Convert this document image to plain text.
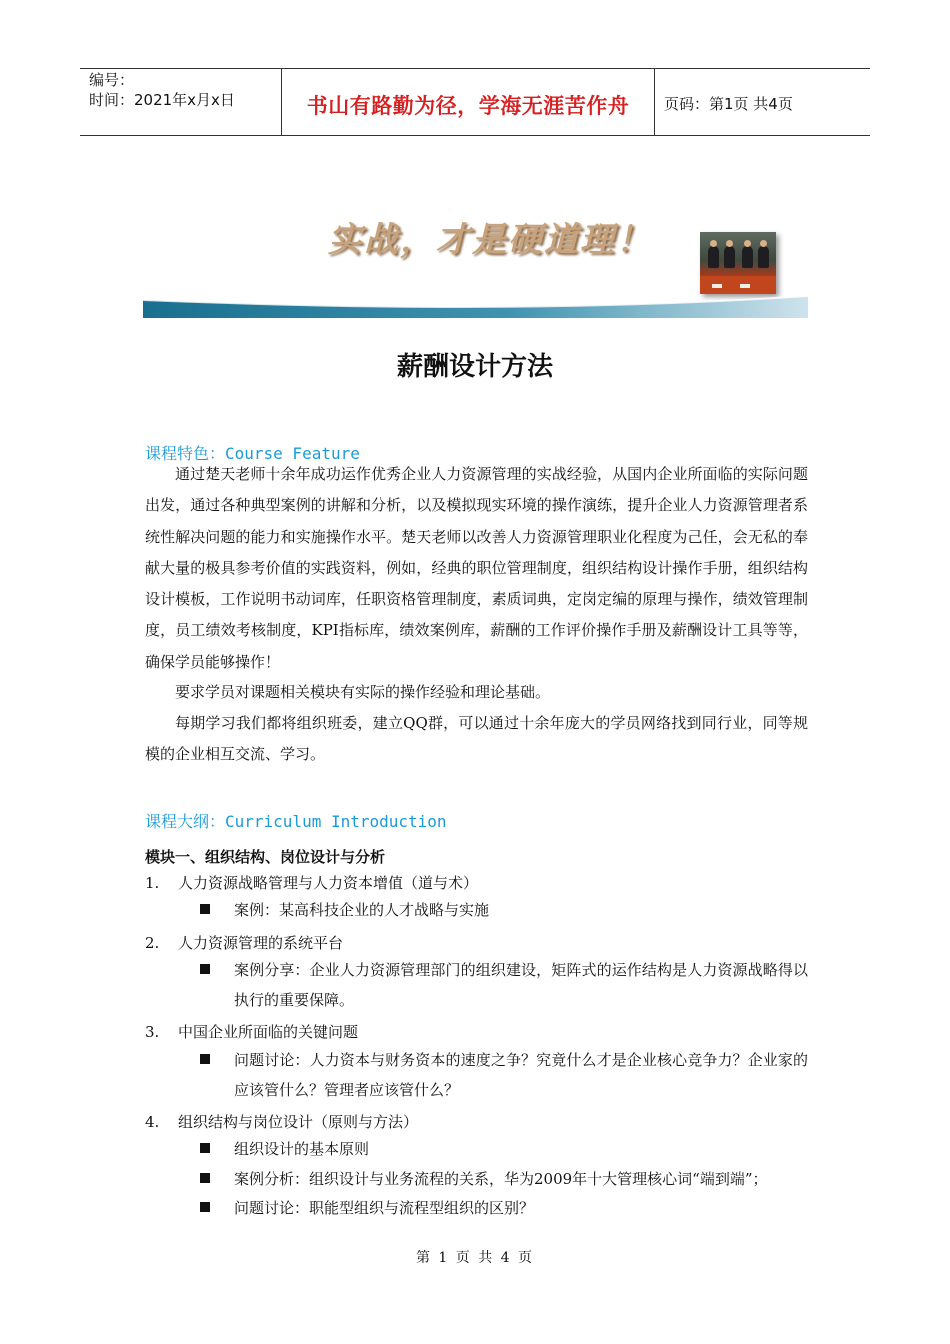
编号：
时间：2021年x月x日	书山有路勤为径，学海无涯苦作舟	页码：第1页 共4页
实战，才是硬道理！
薪酬设计方法
课程特色：Course Feature
通过楚天老师十余年成功运作优秀企业人力资源管理的实战经验，从国内企业所面临的实际问题出发，通过各种典型案例的讲解和分析，以及模拟现实环境的操作演练，提升企业人力资源管理者系统性解决问题的能力和实施操作水平。楚天老师以改善人力资源管理职业化程度为己任，会无私的奉献大量的极具参考价值的实践资料，例如，经典的职位管理制度，组织结构设计操作手册，组织结构设计模板，工作说明书动词库，任职资格管理制度，素质词典，定岗定编的原理与操作，绩效管理制度，员工绩效考核制度，KPI指标库，绩效案例库，薪酬的工作评价操作手册及薪酬设计工具等等，确保学员能够操作！
要求学员对课题相关模块有实际的操作经验和理论基础。
每期学习我们都将组织班委，建立QQ群，可以通过十余年庞大的学员网络找到同行业，同等规模的企业相互交流、学习。
课程大纲：Curriculum Introduction
模块一、组织结构、岗位设计与分析
1. 人力资源战略管理与人力资本增值（道与术）
案例：某高科技企业的人才战略与实施
2. 人力资源管理的系统平台
案例分享：企业人力资源管理部门的组织建设，矩阵式的运作结构是人力资源战略得以执行的重要保障。
3. 中国企业所面临的关键问题
问题讨论：人力资本与财务资本的速度之争？究竟什么才是企业核心竞争力？企业家的应该管什么？管理者应该管什么？
4. 组织结构与岗位设计（原则与方法）
组织设计的基本原则
案例分析：组织设计与业务流程的关系，华为2009年十大管理核心词“端到端”；
问题讨论：职能型组织与流程型组织的区别？
第 1 页 共 4 页
